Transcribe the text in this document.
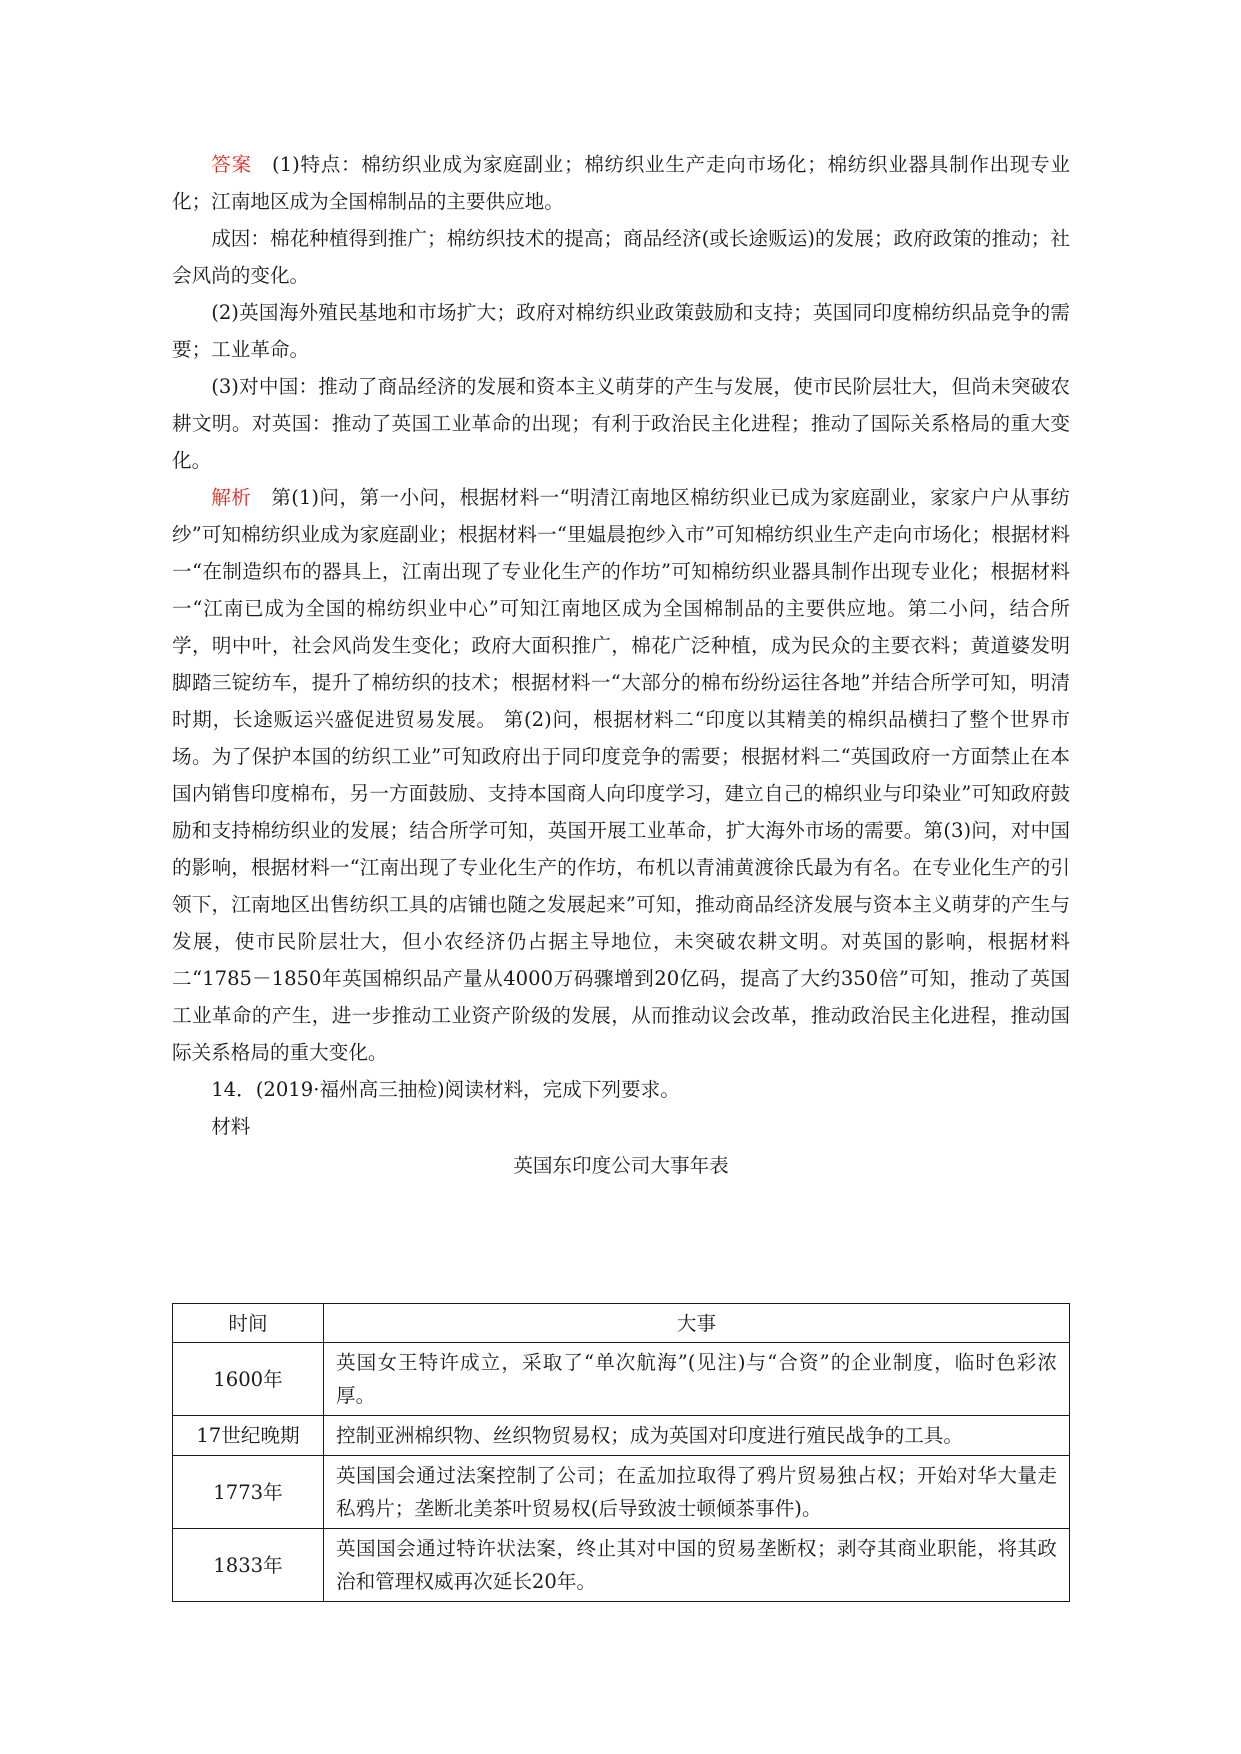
答案　 (1)特点：棉纺织业成为家庭副业；棉纺织业生产走向市场化；棉纺织业器具制作出现专业化；江南地区成为全国棉制品的主要供应地。

成因：棉花种植得到推广；棉纺织技术的提高；商品经济(或长途贩运)的发展；政府政策的推动；社会风尚的变化。

(2)英国海外殖民基地和市场扩大；政府对棉纺织业政策鼓励和支持；英国同印度棉纺织品竞争的需要；工业革命。

(3)对中国：推动了商品经济的发展和资本主义萌芽的产生与发展，使市民阶层壮大，但尚未突破农耕文明。对英国：推动了英国工业革命的出现；有利于政治民主化进程；推动了国际关系格局的重大变化。

解析　 第(1)问，第一小问，根据材料一“明清江南地区棉纺织业已成为家庭副业，家家户户从事纺纱”可知棉纺织业成为家庭副业；根据材料一“里媪晨抱纱入市”可知棉纺织业生产走向市场化；根据材料一“在制造织布的器具上，江南出现了专业化生产的作坊”可知棉纺织业器具制作出现专业化；根据材料一“江南已成为全国的棉纺织业中心”可知江南地区成为全国棉制品的主要供应地。第二小问，结合所学，明中叶，社会风尚发生变化；政府大面积推广，棉花广泛种植，成为民众的主要衣料；黄道婆发明脚踏三锭纺车，提升了棉纺织的技术；根据材料一“大部分的棉布纷纷运往各地”并结合所学可知，明清时期，长途贩运兴盛促进贸易发展。 第(2)问，根据材料二“印度以其精美的棉织品横扫了整个世界市场。为了保护本国的纺织工业”可知政府出于同印度竞争的需要；根据材料二“英国政府一方面禁止在本国内销售印度棉布，另一方面鼓励、支持本国商人向印度学习，建立自己的棉织业与印染业”可知政府鼓励和支持棉纺织业的发展；结合所学可知，英国开展工业革命，扩大海外市场的需要。第(3)问，对中国的影响，根据材料一“江南出现了专业化生产的作坊，布机以青浦黄渡徐氏最为有名。在专业化生产的引领下，江南地区出售纺织工具的店铺也随之发展起来”可知，推动商品经济发展与资本主义萌芽的产生与发展，使市民阶层壮大，但小农经济仍占据主导地位，未突破农耕文明。对英国的影响，根据材料二“1785－1850年英国棉织品产量从4000万码骤增到20亿码，提高了大约350倍”可知，推动了英国工业革命的产生，进一步推动工业资产阶级的发展，从而推动议会改革，推动政治民主化进程，推动国际关系格局的重大变化。

14．(2019·福州高三抽检)阅读材料，完成下列要求。

材料

英国东印度公司大事年表

时间	大事
1600年	英国女王特许成立，采取了“单次航海”(见注)与“合资”的企业制度，临时色彩浓厚。
17世纪晚期	控制亚洲棉织物、丝织物贸易权；成为英国对印度进行殖民战争的工具。
1773年	英国国会通过法案控制了公司；在孟加拉取得了鸦片贸易独占权；开始对华大量走私鸦片；垄断北美茶叶贸易权(后导致波士顿倾茶事件)。
1833年	英国国会通过特许状法案，终止其对中国的贸易垄断权；剥夺其商业职能，将其政治和管理权威再次延长20年。
